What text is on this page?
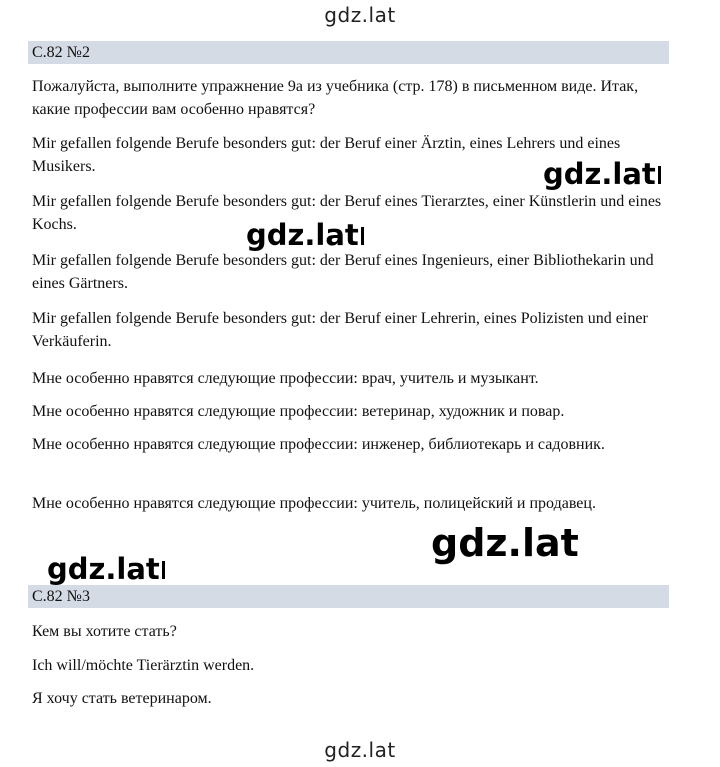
gdz.lat
С.82 №2

Пожалуйста, выполните упражнение 9а из учебника (стр. 178) в письменном виде. Итак, какие профессии вам особенно нравятся?

Mir gefallen folgende Berufe besonders gut: der Beruf einer Ärztin, eines Lehrers und eines Musikers.

Mir gefallen folgende Berufe besonders gut: der Beruf eines Tierarztes, einer Künstlerin und eines Kochs.

Mir gefallen folgende Berufe besonders gut: der Beruf eines Ingenieurs, einer Bibliothekarin und eines Gärtners.

Mir gefallen folgende Berufe besonders gut: der Beruf einer Lehrerin, eines Polizisten und einer Verkäuferin.

Мне особенно нравятся следующие профессии: врач, учитель и музыкант.

Мне особенно нравятся следующие профессии: ветеринар, художник и повар.

Мне особенно нравятся следующие профессии: инженер, библиотекарь и садовник.

Мне особенно нравятся следующие профессии: учитель, полицейский и продавец.

С.82 №3

Кем вы хотите стать?

Ich will/möchte Tierärztin werden.

Я хочу стать ветеринаром.

gdz.lat
gdz.lat
gdz.lat
gdz.lat
gdz.lat
